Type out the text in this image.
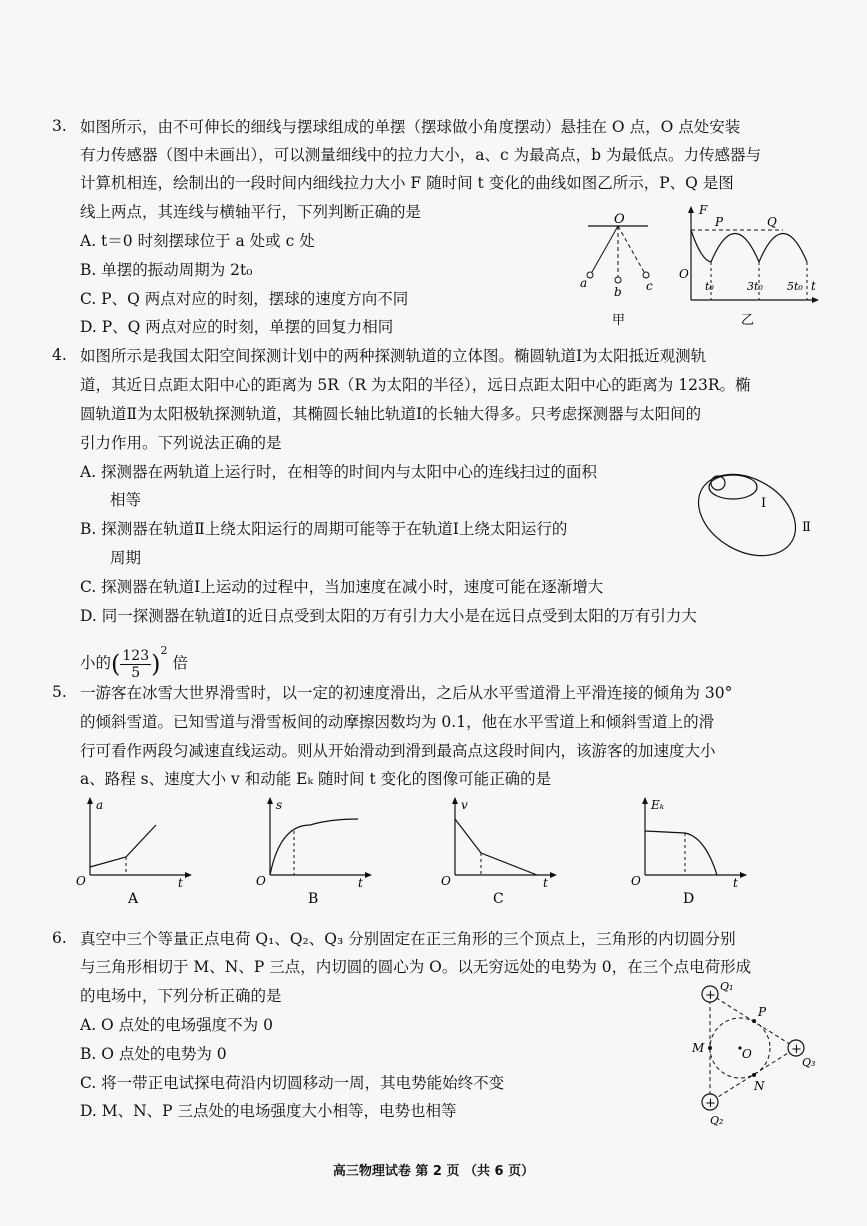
3. 如图所示，由不可伸长的细线与摆球组成的单摆（摆球做小角度摆动）悬挂在 O 点，O 点处安装
有力传感器（图中未画出），可以测量细线中的拉力大小，a、c 为最高点，b 为最低点。力传感器与
计算机相连，绘制出的一段时间内细线拉力大小 F 随时间 t 变化的曲线如图乙所示，P、Q 是图
线上两点，其连线与横轴平行，下列判断正确的是
A. t＝0 时刻摆球位于 a 处或 c 处
B. 单摆的振动周期为 2t₀
C. P、Q 两点对应的时刻，摆球的速度方向不同
D. P、Q 两点对应的时刻，单摆的回复力相同
O
a
b c
甲
F
O
t
P	Q
t₀	3t₀ 5t₀
乙
4. 如图所示是我国太阳空间探测计划中的两种探测轨道的立体图。椭圆轨道Ⅰ为太阳抵近观测轨
道，其近日点距太阳中心的距离为 5R（R 为太阳的半径），远日点距太阳中心的距离为 123R。椭
圆轨道Ⅱ为太阳极轨探测轨道，其椭圆长轴比轨道Ⅰ的长轴大得多。只考虑探测器与太阳间的
引力作用。下列说法正确的是
A. 探测器在两轨道上运行时，在相等的时间内与太阳中心的连线扫过的面积
相等
B. 探测器在轨道Ⅱ上绕太阳运行的周期可能等于在轨道Ⅰ上绕太阳运行的
周期
C. 探测器在轨道Ⅰ上运动的过程中，当加速度在减小时，速度可能在逐渐增大
D. 同一探测器在轨道Ⅰ的近日点受到太阳的万有引力大小是在远日点受到太阳的万有引力大
小的( $\frac{123}{5} )^2$ 倍
Ⅰ
Ⅱ
5. 一游客在冰雪大世界滑雪时，以一定的初速度滑出，之后从水平雪道滑上平滑连接的倾角为 30°
的倾斜雪道。已知雪道与滑雪板间的动摩擦因数均为 0.1，他在水平雪道上和倾斜雪道上的滑
行可看作两段匀减速直线运动。则从开始滑动到滑到最高点这段时间内，该游客的加速度大小
a、路程 s、速度大小 v 和动能 Eₖ 随时间 t 变化的图像可能正确的是
a
O	t
A
s
O	t
B
v
O	t
C
Eₖ
O	t
D
6. 真空中三个等量正点电荷 Q₁、Q₂、Q₃ 分别固定在正三角形的三个顶点上，三角形的内切圆分别
与三角形相切于 M、N、P 三点，内切圆的圆心为 O。以无穷远处的电势为 0，在三个点电荷形成
的电场中，下列分析正确的是
A. O 点处的电场强度不为 0
B. O 点处的电势为 0
C. 将一带正电试探电荷沿内切圆移动一周，其电势能始终不变
D. M、N、P 三点处的电场强度大小相等，电势也相等
+
+
+
Q₁
Q₃
Q₂
P
M
N
O
高三物理试卷 第 2 页 （共 6 页）
